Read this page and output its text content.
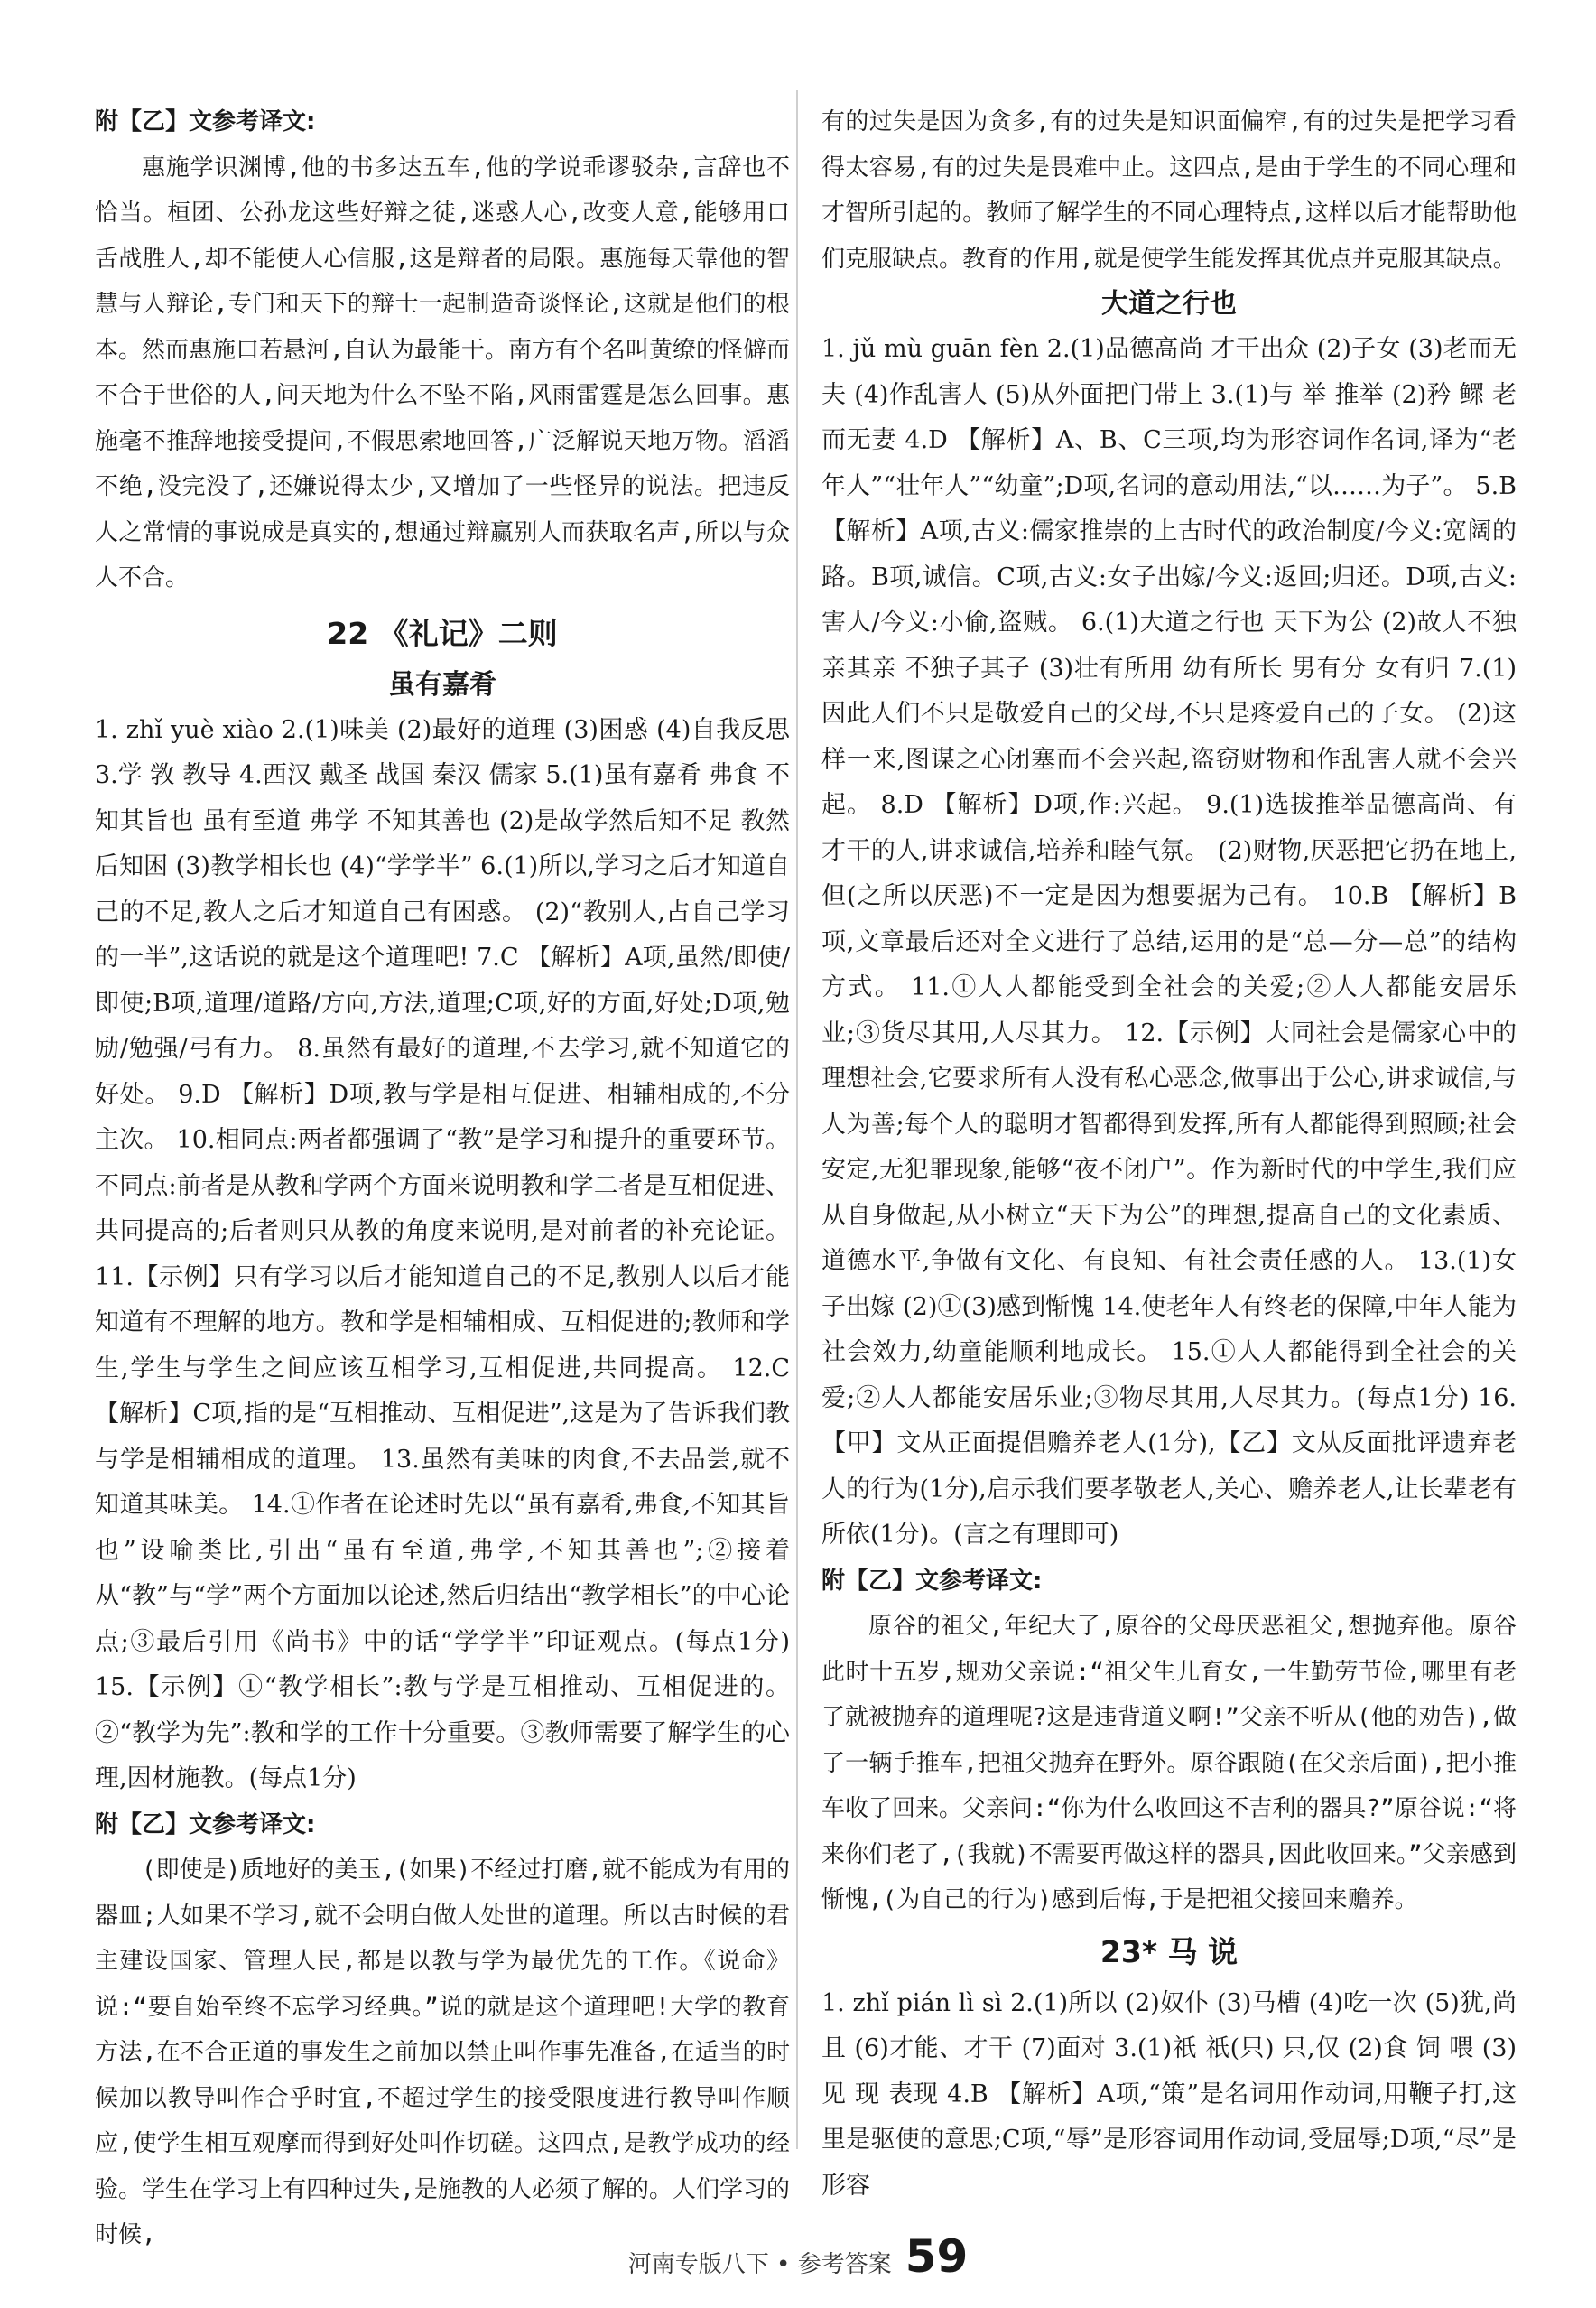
附【乙】文参考译文:

惠施学识渊博,他的书多达五车,他的学说乖谬驳杂,言辞也不恰当。桓团、公孙龙这些好辩之徒,迷惑人心,改变人意,能够用口舌战胜人,却不能使人心信服,这是辩者的局限。惠施每天靠他的智慧与人辩论,专门和天下的辩士一起制造奇谈怪论,这就是他们的根本。然而惠施口若悬河,自认为最能干。南方有个名叫黄缭的怪僻而不合于世俗的人,问天地为什么不坠不陷,风雨雷霆是怎么回事。惠施毫不推辞地接受提问,不假思索地回答,广泛解说天地万物。滔滔不绝,没完没了,还嫌说得太少,又增加了一些怪异的说法。把违反人之常情的事说成是真实的,想通过辩赢别人而获取名声,所以与众人不合。

22 《礼记》二则

虽有嘉肴

1. zhǐ yuè xiào 2.(1)味美 (2)最好的道理 (3)困惑 (4)自我反思 3.学 敩 教导 4.西汉 戴圣 战国 秦汉 儒家 5.(1)虽有嘉肴 弗食 不知其旨也 虽有至道 弗学 不知其善也 (2)是故学然后知不足 教然后知困 (3)教学相长也 (4)“学学半” 6.(1)所以,学习之后才知道自己的不足,教人之后才知道自己有困惑。 (2)“教别人,占自己学习的一半”,这话说的就是这个道理吧! 7.C 【解析】A项,虽然/即使/即使;B项,道理/道路/方向,方法,道理;C项,好的方面,好处;D项,勉励/勉强/弓有力。 8.虽然有最好的道理,不去学习,就不知道它的好处。 9.D 【解析】D项,教与学是相互促进、相辅相成的,不分主次。 10.相同点:两者都强调了“教”是学习和提升的重要环节。不同点:前者是从教和学两个方面来说明教和学二者是互相促进、共同提高的;后者则只从教的角度来说明,是对前者的补充论证。 11.【示例】只有学习以后才能知道自己的不足,教别人以后才能知道有不理解的地方。教和学是相辅相成、互相促进的;教师和学生,学生与学生之间应该互相学习,互相促进,共同提高。 12.C 【解析】C项,指的是“互相推动、互相促进”,这是为了告诉我们教与学是相辅相成的道理。 13.虽然有美味的肉食,不去品尝,就不知道其味美。 14.①作者在论述时先以“虽有嘉肴,弗食,不知其旨也”设喻类比,引出“虽有至道,弗学,不知其善也”;②接着从“教”与“学”两个方面加以论述,然后归结出“教学相长”的中心论点;③最后引用《尚书》中的话“学学半”印证观点。(每点1分) 15.【示例】①“教学相长”:教与学是互相推动、互相促进的。②“教学为先”:教和学的工作十分重要。③教师需要了解学生的心理,因材施教。(每点1分)

附【乙】文参考译文:

(即使是)质地好的美玉,(如果)不经过打磨,就不能成为有用的器皿;人如果不学习,就不会明白做人处世的道理。所以古时候的君主建设国家、管理人民,都是以教与学为最优先的工作。《说命》说:“要自始至终不忘学习经典。”说的就是这个道理吧!大学的教育方法,在不合正道的事发生之前加以禁止叫作事先准备,在适当的时候加以教导叫作合乎时宜,不超过学生的接受限度进行教导叫作顺应,使学生相互观摩而得到好处叫作切磋。这四点,是教学成功的经验。学生在学习上有四种过失,是施教的人必须了解的。人们学习的时候,

有的过失是因为贪多,有的过失是知识面偏窄,有的过失是把学习看得太容易,有的过失是畏难中止。这四点,是由于学生的不同心理和才智所引起的。教师了解学生的不同心理特点,这样以后才能帮助他们克服缺点。教育的作用,就是使学生能发挥其优点并克服其缺点。

大道之行也

1. jǔ mù guān fèn 2.(1)品德高尚 才干出众 (2)子女 (3)老而无夫 (4)作乱害人 (5)从外面把门带上 3.(1)与 举 推举 (2)矜 鳏 老而无妻 4.D 【解析】A、B、C三项,均为形容词作名词,译为“老年人”“壮年人”“幼童”;D项,名词的意动用法,“以……为子”。 5.B 【解析】A项,古义:儒家推崇的上古时代的政治制度/今义:宽阔的路。B项,诚信。C项,古义:女子出嫁/今义:返回;归还。D项,古义:害人/今义:小偷,盗贼。 6.(1)大道之行也 天下为公 (2)故人不独亲其亲 不独子其子 (3)壮有所用 幼有所长 男有分 女有归 7.(1)因此人们不只是敬爱自己的父母,不只是疼爱自己的子女。 (2)这样一来,图谋之心闭塞而不会兴起,盗窃财物和作乱害人就不会兴起。 8.D 【解析】D项,作:兴起。 9.(1)选拔推举品德高尚、有才干的人,讲求诚信,培养和睦气氛。 (2)财物,厌恶把它扔在地上,但(之所以厌恶)不一定是因为想要据为己有。 10.B 【解析】B项,文章最后还对全文进行了总结,运用的是“总—分—总”的结构方式。 11.①人人都能受到全社会的关爱;②人人都能安居乐业;③货尽其用,人尽其力。 12.【示例】大同社会是儒家心中的理想社会,它要求所有人没有私心恶念,做事出于公心,讲求诚信,与人为善;每个人的聪明才智都得到发挥,所有人都能得到照顾;社会安定,无犯罪现象,能够“夜不闭户”。作为新时代的中学生,我们应从自身做起,从小树立“天下为公”的理想,提高自己的文化素质、道德水平,争做有文化、有良知、有社会责任感的人。 13.(1)女子出嫁 (2)①(3)感到惭愧 14.使老年人有终老的保障,中年人能为社会效力,幼童能顺利地成长。 15.①人人都能得到全社会的关爱;②人人都能安居乐业;③物尽其用,人尽其力。(每点1分) 16.【甲】文从正面提倡赡养老人(1分),【乙】文从反面批评遗弃老人的行为(1分),启示我们要孝敬老人,关心、赡养老人,让长辈老有所依(1分)。(言之有理即可)

附【乙】文参考译文:

原谷的祖父,年纪大了,原谷的父母厌恶祖父,想抛弃他。原谷此时十五岁,规劝父亲说:“祖父生儿育女,一生勤劳节俭,哪里有老了就被抛弃的道理呢?这是违背道义啊!”父亲不听从(他的劝告),做了一辆手推车,把祖父抛弃在野外。原谷跟随(在父亲后面),把小推车收了回来。父亲问:“你为什么收回这不吉利的器具?”原谷说:“将来你们老了,(我就)不需要再做这样的器具,因此收回来。”父亲感到惭愧,(为自己的行为)感到后悔,于是把祖父接回来赡养。

23* 马 说

1. zhǐ pián lì sì 2.(1)所以 (2)奴仆 (3)马槽 (4)吃一次 (5)犹,尚且 (6)才能、才干 (7)面对 3.(1)祇 祇(只) 只,仅 (2)食 饲 喂 (3)见 现 表现 4.B 【解析】A项,“策”是名词用作动词,用鞭子打,这里是驱使的意思;C项,“辱”是形容词用作动词,受屈辱;D项,“尽”是形容

河南专版八下 • 参考答案 59
